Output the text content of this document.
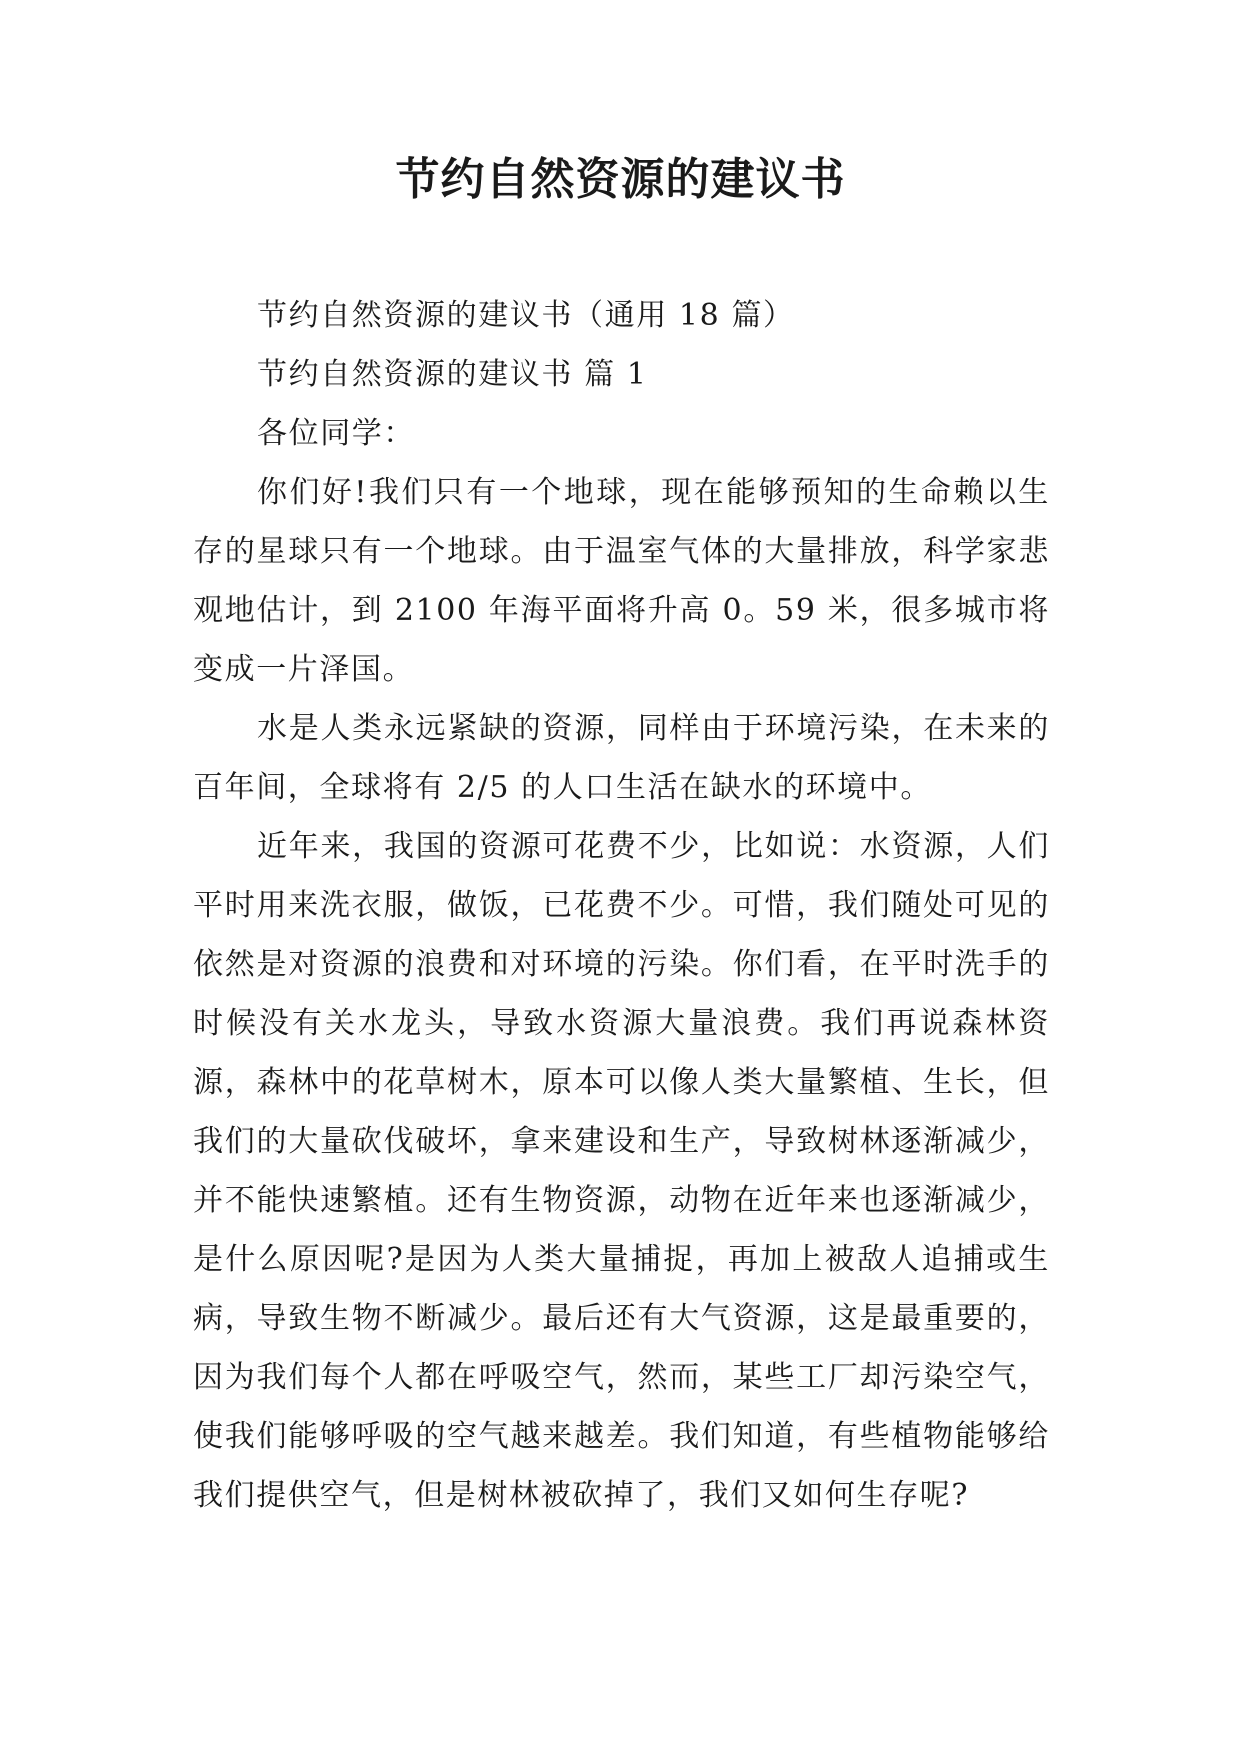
节约自然资源的建议书

节约自然资源的建议书（通用 18 篇）

节约自然资源的建议书 篇 1

各位同学：

你们好!我们只有一个地球，现在能够预知的生命赖以生存的星球只有一个地球。由于温室气体的大量排放，科学家悲观地估计，到 2100 年海平面将升高 0。59 米，很多城市将变成一片泽国。

水是人类永远紧缺的资源，同样由于环境污染，在未来的百年间，全球将有 2/5 的人口生活在缺水的环境中。

近年来，我国的资源可花费不少，比如说：水资源，人们平时用来洗衣服，做饭，已花费不少。可惜，我们随处可见的依然是对资源的浪费和对环境的污染。你们看，在平时洗手的时候没有关水龙头，导致水资源大量浪费。我们再说森林资源，森林中的花草树木，原本可以像人类大量繁植、生长，但我们的大量砍伐破坏，拿来建设和生产，导致树林逐渐减少，并不能快速繁植。还有生物资源，动物在近年来也逐渐减少，是什么原因呢?是因为人类大量捕捉，再加上被敌人追捕或生病，导致生物不断减少。最后还有大气资源，这是最重要的，因为我们每个人都在呼吸空气，然而，某些工厂却污染空气，使我们能够呼吸的空气越来越差。我们知道，有些植物能够给我们提供空气，但是树林被砍掉了，我们又如何生存呢?
